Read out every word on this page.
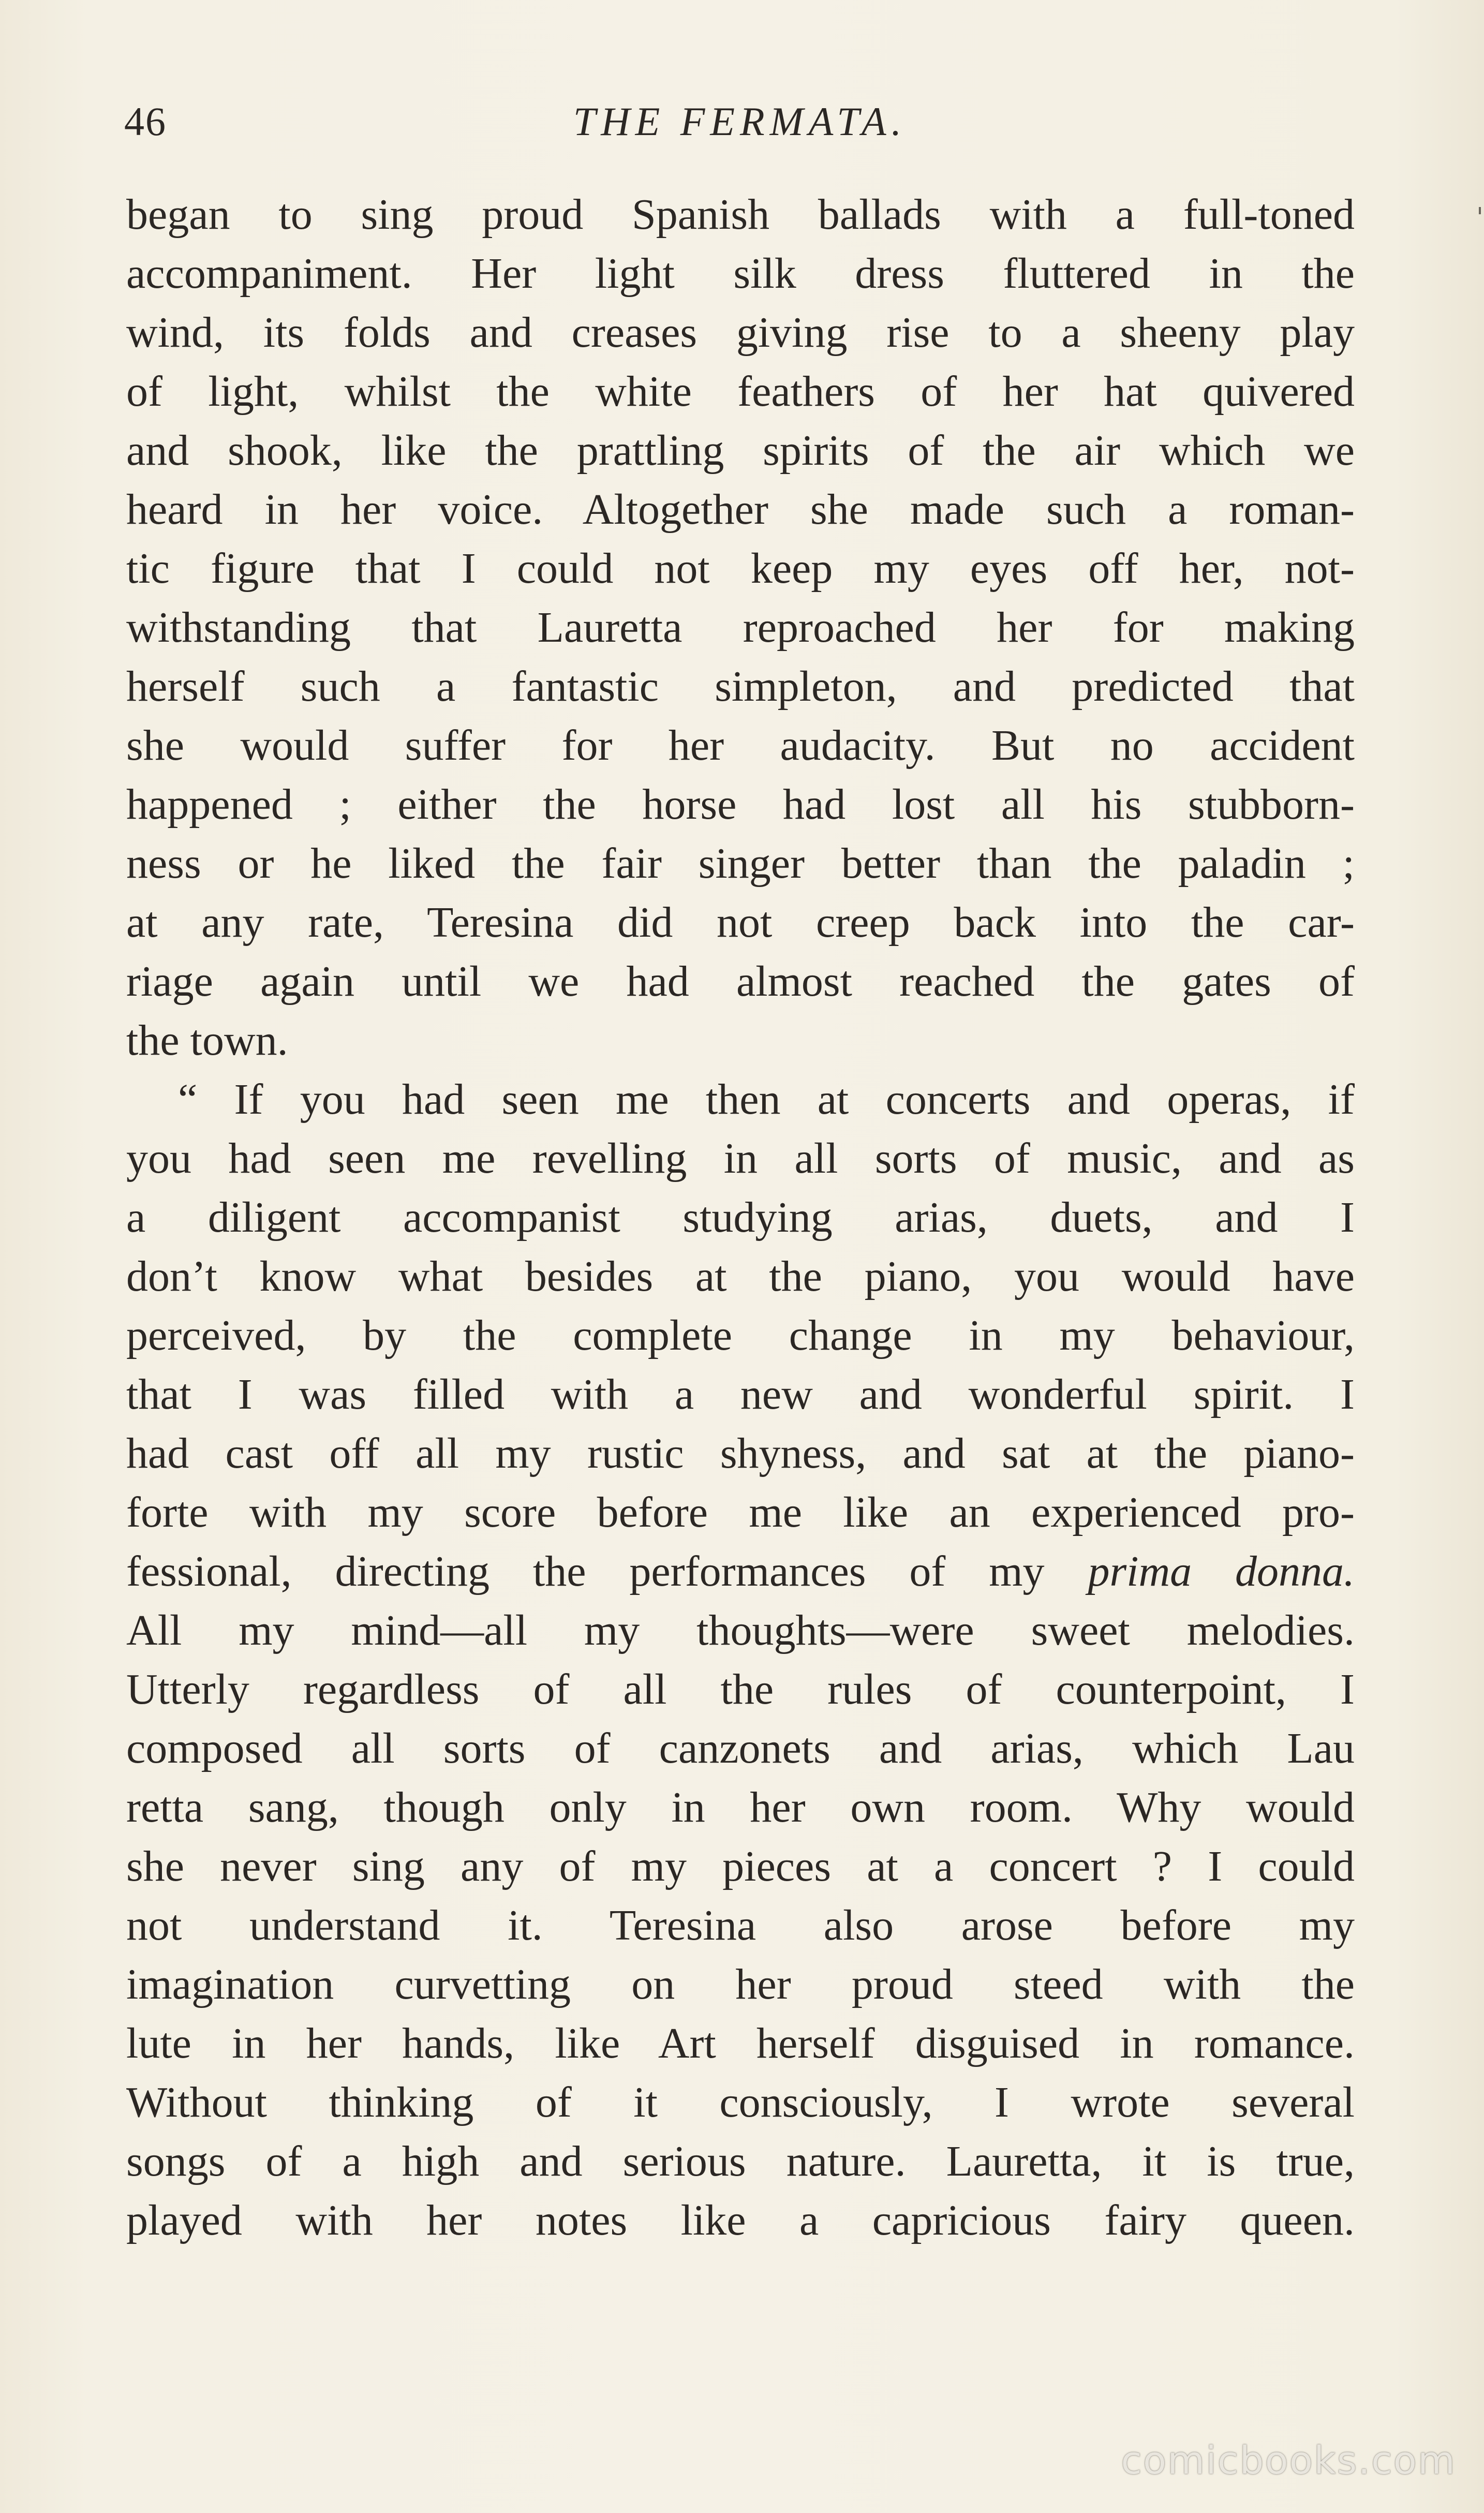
46	THE FERMATA.
began to sing proud Spanish ballads with a full-toned
accompaniment. Her light silk dress fluttered in the
wind, its folds and creases giving rise to a sheeny play
of light, whilst the white feathers of her hat quivered
and shook, like the prattling spirits of the air which we
heard in her voice. Altogether she made such a roman-
tic figure that I could not keep my eyes off her, not-
withstanding that Lauretta reproached her for making
herself such a fantastic simpleton, and predicted that
she would suffer for her audacity. But no accident
happened ; either the horse had lost all his stubborn-
ness or he liked the fair singer better than the paladin ;
at any rate, Teresina did not creep back into the car-
riage again until we had almost reached the gates of
the town.
“ If you had seen me then at concerts and operas, if
you had seen me revelling in all sorts of music, and as
a diligent accompanist studying arias, duets, and I
don’t know what besides at the piano, you would have
perceived, by the complete change in my behaviour,
that I was filled with a new and wonderful spirit. I
had cast off all my rustic shyness, and sat at the piano-
forte with my score before me like an experienced pro-
fessional, directing the performances of my prima donna.
All my mind—all my thoughts—were sweet melodies.
Utterly regardless of all the rules of counterpoint, I
composed all sorts of canzonets and arias, which Lau
retta sang, though only in her own room. Why would
she never sing any of my pieces at a concert ? I could
not understand it. Teresina also arose before my
imagination curvetting on her proud steed with the
lute in her hands, like Art herself disguised in romance.
Without thinking of it consciously, I wrote several
songs of a high and serious nature. Lauretta, it is true,
played with her notes like a capricious fairy queen.
comicbooks.com
